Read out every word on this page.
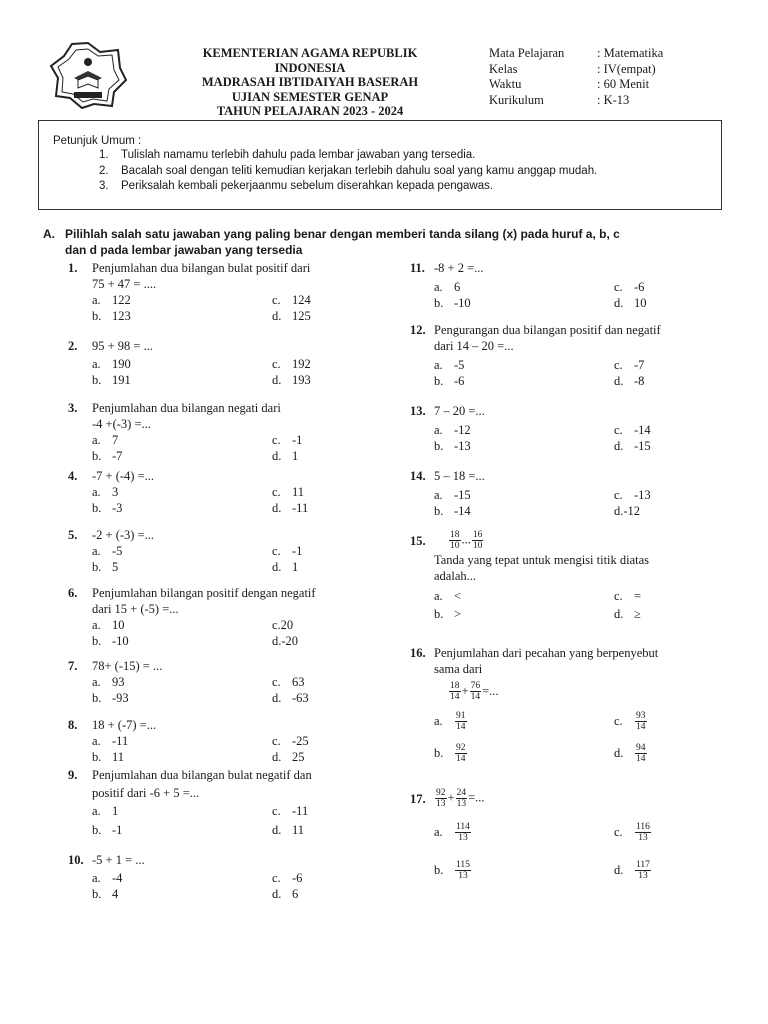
KEMENTERIAN AGAMA REPUBLIK
INDONESIA
MADRASAH IBTIDAIYAH BASERAH
UJIAN SEMESTER GENAP
TAHUN PELAJARAN 2023 - 2024
Mata Pelajaran	: Matematika
Kelas	: IV(empat)
Waktu	: 60 Menit
Kurikulum	: K-13
Petunjuk Umum :
1.	Tulislah namamu terlebih dahulu pada lembar jawaban yang tersedia.
2.	Bacalah soal dengan teliti kemudian kerjakan terlebih dahulu soal yang kamu anggap mudah.
3.	Periksalah kembali pekerjaanmu sebelum diserahkan kepada pengawas.
A. Pilihlah salah satu jawaban yang paling benar dengan memberi tanda silang (x) pada huruf a, b, c
dan d pada lembar jawaban yang tersedia
1.	Penjumlahan dua bilangan bulat positif dari
75 + 47 = ....
a. 122	c. 124
b. 123	d. 125
2.	95 + 98 = ...
a. 190	c. 192
b. 191	d. 193
3.	Penjumlahan dua bilangan negati dari
-4 +(-3) =...
a. 7	c. -1
b. -7	d. 1
4.	-7 + (-4) =...
a. 3	c. 11
b. -3	d. -11
5.	-2 + (-3) =...
a. -5	c. -1
b. 5	d. 1
6.	Penjumlahan bilangan positif dengan negatif
dari 15 + (-5) =...
a. 10	c.20
b. -10	d.-20
7.	78+ (-15) = ...
a. 93	c. 63
b. -93	d. -63
8.	18 + (-7) =...
a. -11	c. -25
b. 11	d. 25
9.	Penjumlahan dua bilangan bulat negatif dan
positif dari -6 + 5 =...
a. 1	c. -11
b. -1	d. 11
10. -5 + 1 = ...
a. -4	c. -6
b. 4	d. 6
11. -8 + 2 =...
a. 6	c. -6
b. -10	d. 10
12. Pengurangan dua bilangan positif dan negatif
dari 14 – 20 =...
a. -5	c. -7
b. -6	d. -8
13. 7 – 20 =...
a. -12	c. -14
b. -13	d. -15
14. 5 – 18 =...
a. -15	c. -13
b. -14	d.-12
15.	$\frac{18}{10}$ ... $\frac{16}{10}$
Tanda yang tepat untuk mengisi titik diatas
adalah...
a. <	c. =
b. >	d. ≥
16. Penjumlahan dari pecahan yang berpenyebut
sama dari
$\frac{18}{14} + \frac{76}{14}$ =...
a.	$\frac{91}{14}$	c.	$\frac{93}{14}$
b.	$\frac{92}{14}$	d.	$\frac{94}{14}$
17. $\frac{92}{13} + \frac{24}{13}$ =...
a.	$\frac{114}{13}$	c.	$\frac{116}{13}$
b.	$\frac{115}{13}$	d.	$\frac{117}{13}$
